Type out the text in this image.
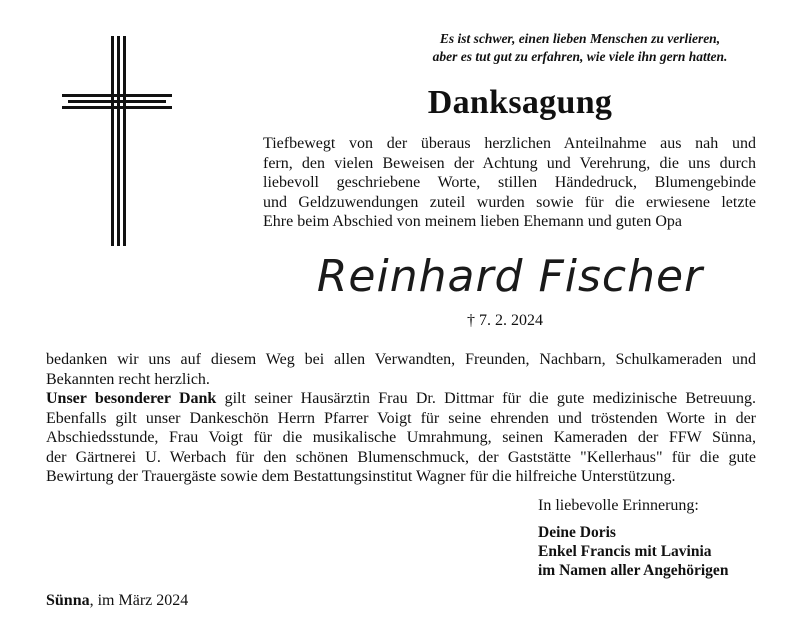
Es ist schwer, einen lieben Menschen zu verlieren,
aber es tut gut zu erfahren, wie viele ihn gern hatten.
Danksagung
Tiefbewegt von der überaus herzlichen Anteilnahme aus nah und
fern, den vielen Beweisen der Achtung und Verehrung, die uns durch
liebevoll geschriebene Worte, stillen Händedruck, Blumengebinde
und Geldzuwendungen zuteil wurden sowie für die erwiesene letzte
Ehre beim Abschied von meinem lieben Ehemann und guten Opa
Reinhard Fischer
† 7. 2. 2024
bedanken wir uns auf diesem Weg bei allen Verwandten, Freunden, Nachbarn, Schulkameraden und
Bekannten recht herzlich.
Unser besonderer Dank gilt seiner Hausärztin Frau Dr. Dittmar für die gute medizinische Betreuung.
Ebenfalls gilt unser Dankeschön Herrn Pfarrer Voigt für seine ehrenden und tröstenden Worte in der
Abschiedsstunde, Frau Voigt für die musikalische Umrahmung, seinen Kameraden der FFW Sünna,
der Gärtnerei U. Werbach für den schönen Blumenschmuck, der Gaststätte "Kellerhaus" für die gute
Bewirtung der Trauergäste sowie dem Bestattungsinstitut Wagner für die hilfreiche Unterstützung.
In liebevolle Erinnerung:
Deine Doris
Enkel Francis mit Lavinia
im Namen aller Angehörigen
Sünna, im März 2024
